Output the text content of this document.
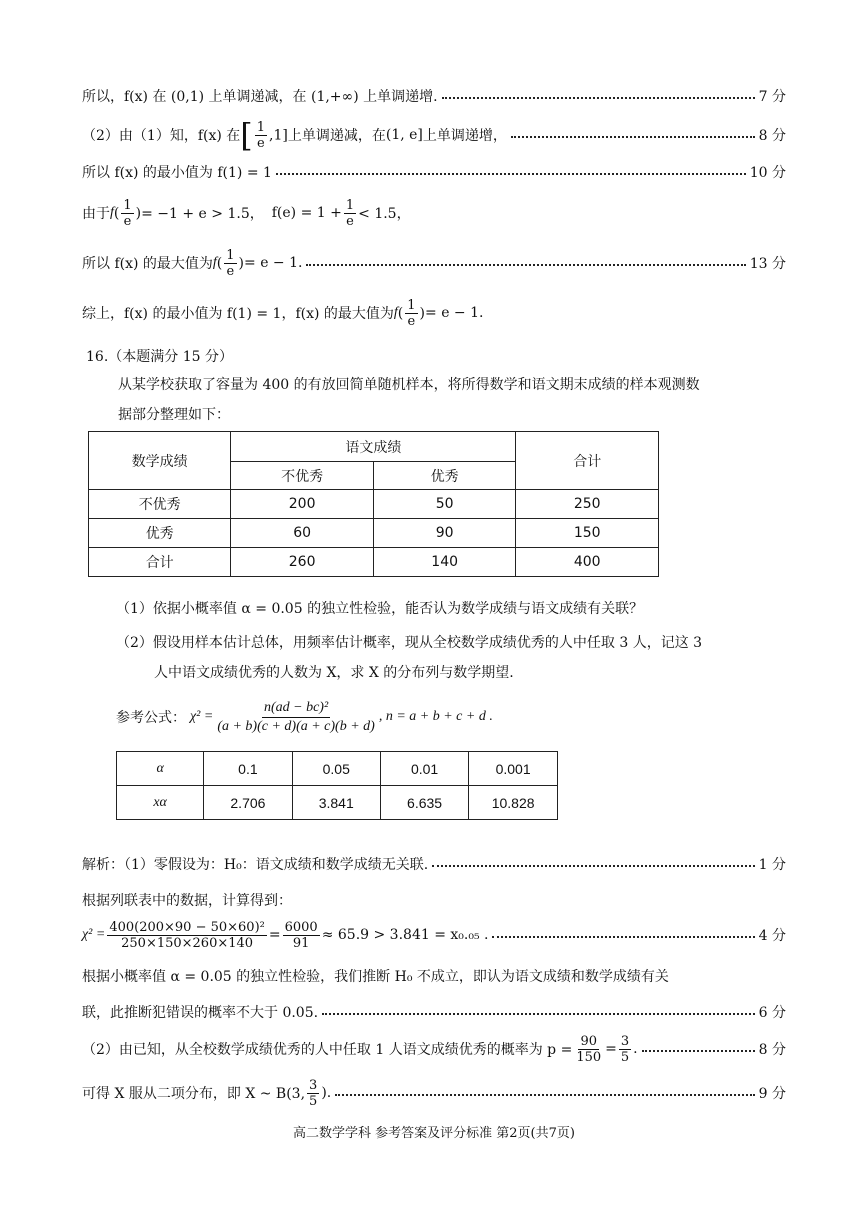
所以，f(x) 在 (0,1) 上单调递减，在 (1,+∞) 上单调递增.	7 分
（2）由（1）知， f(x) 在 [ $\frac{1}{e} ,1$] 上单调递减，在 (1, e] 上单调递增，	8 分
所以 f(x) 的最小值为 f(1) = 1	10 分
由于 f ( $\frac{1}{e}$ ) = −1 + e > 1.5， $f(e) = 1 + \frac{1}{e} < 1.5$，
所以 f(x) 的最大值为 f ( $\frac{1}{e}$ ) = e − 1.	13 分
综上，f(x) 的最小值为 f(1) = 1，f(x) 的最大值为 f ( $\frac{1}{e}$ ) = e − 1.
16.（本题满分 15 分）
从某学校获取了容量为 400 的有放回简单随机样本，将所得数学和语文期末成绩的样本观测数
据部分整理如下：
数学成绩	语文成绩		合计
	不优秀	优秀	
不优秀	200	50	250
优秀	60	90	150
合计	260	140	400
（1）依据小概率值 α = 0.05 的独立性检验，能否认为数学成绩与语文成绩有关联？
（2）假设用样本估计总体，用频率估计概率，现从全校数学成绩优秀的人中任取 3 人，记这 3
人中语文成绩优秀的人数为 X，求 X 的分布列与数学期望.
参考公式： $\chi^2 = \frac{\text{n(ad − bc)²}}{(a + b)(c + d)(a + c)(b + d)}$ , n = a + b + c + d .
α	0.1	0.05	0.01	0.001
xα	2.706	3.841	6.635	10.828
解析：（1）零假设为：H₀：语文成绩和数学成绩无关联.	1 分
根据列联表中的数据，计算得到：
$\chi^2 = \frac{\text{400(200×90 − 50×60)²}}{250\times 150\times 260\times 140} = \frac{6000}{91} \approx 65.9 > 3.841 = x_0._{05}$ .	4 分
根据小概率值 α = 0.05 的独立性检验，我们推断 H₀ 不成立，即认为语文成绩和数学成绩有关
联，此推断犯错误的概率不大于 0.05.	6 分
（2）由已知，从全校数学成绩优秀的人中任取 1 人语文成绩优秀的概率为 $p = \frac{90}{150} = \frac{3}{5}$ .	8 分
可得 X 服从二项分布，即 X ~ B(3, $\frac{3}{5}$ ).	9 分
高二数学学科 参考答案及评分标准 第2页(共7页)
